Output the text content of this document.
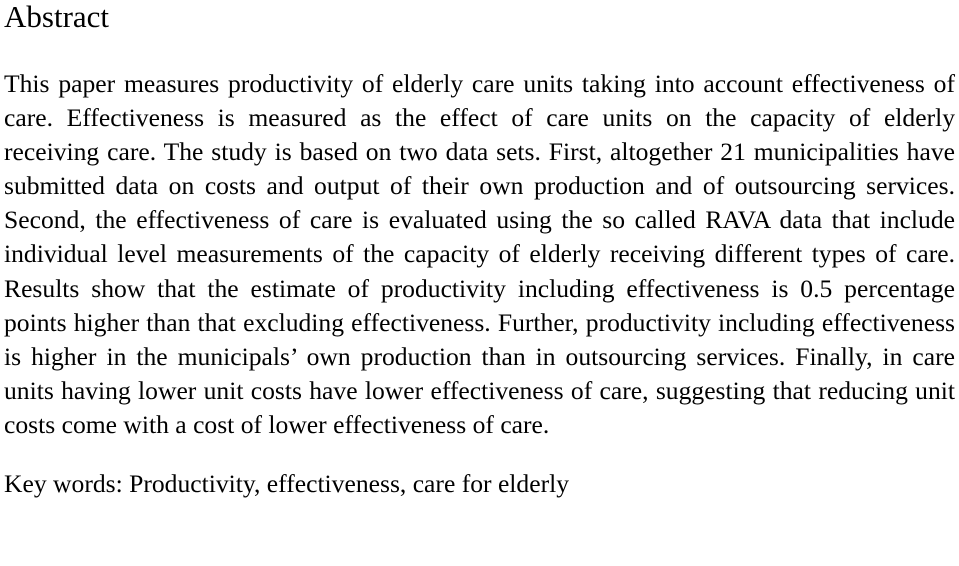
Abstract

This paper measures productivity of elderly care units taking into account effectiveness of care. Effectiveness is measured as the effect of care units on the capacity of elderly receiving care. The study is based on two data sets. First, altogether 21 municipalities have submitted data on costs and output of their own production and of outsourcing services. Second, the effectiveness of care is evaluated using the so called RAVA data that include individual level measurements of the capacity of elderly receiving different types of care. Results show that the estimate of productivity including effectiveness is 0.5 percentage points higher than that excluding effectiveness. Further, productivity including effectiveness is higher in the municipals’ own production than in outsourcing services. Finally, in care units having lower unit costs have lower effectiveness of care, suggesting that reducing unit costs come with a cost of lower effectiveness of care.

Key words: Productivity, effectiveness, care for elderly
